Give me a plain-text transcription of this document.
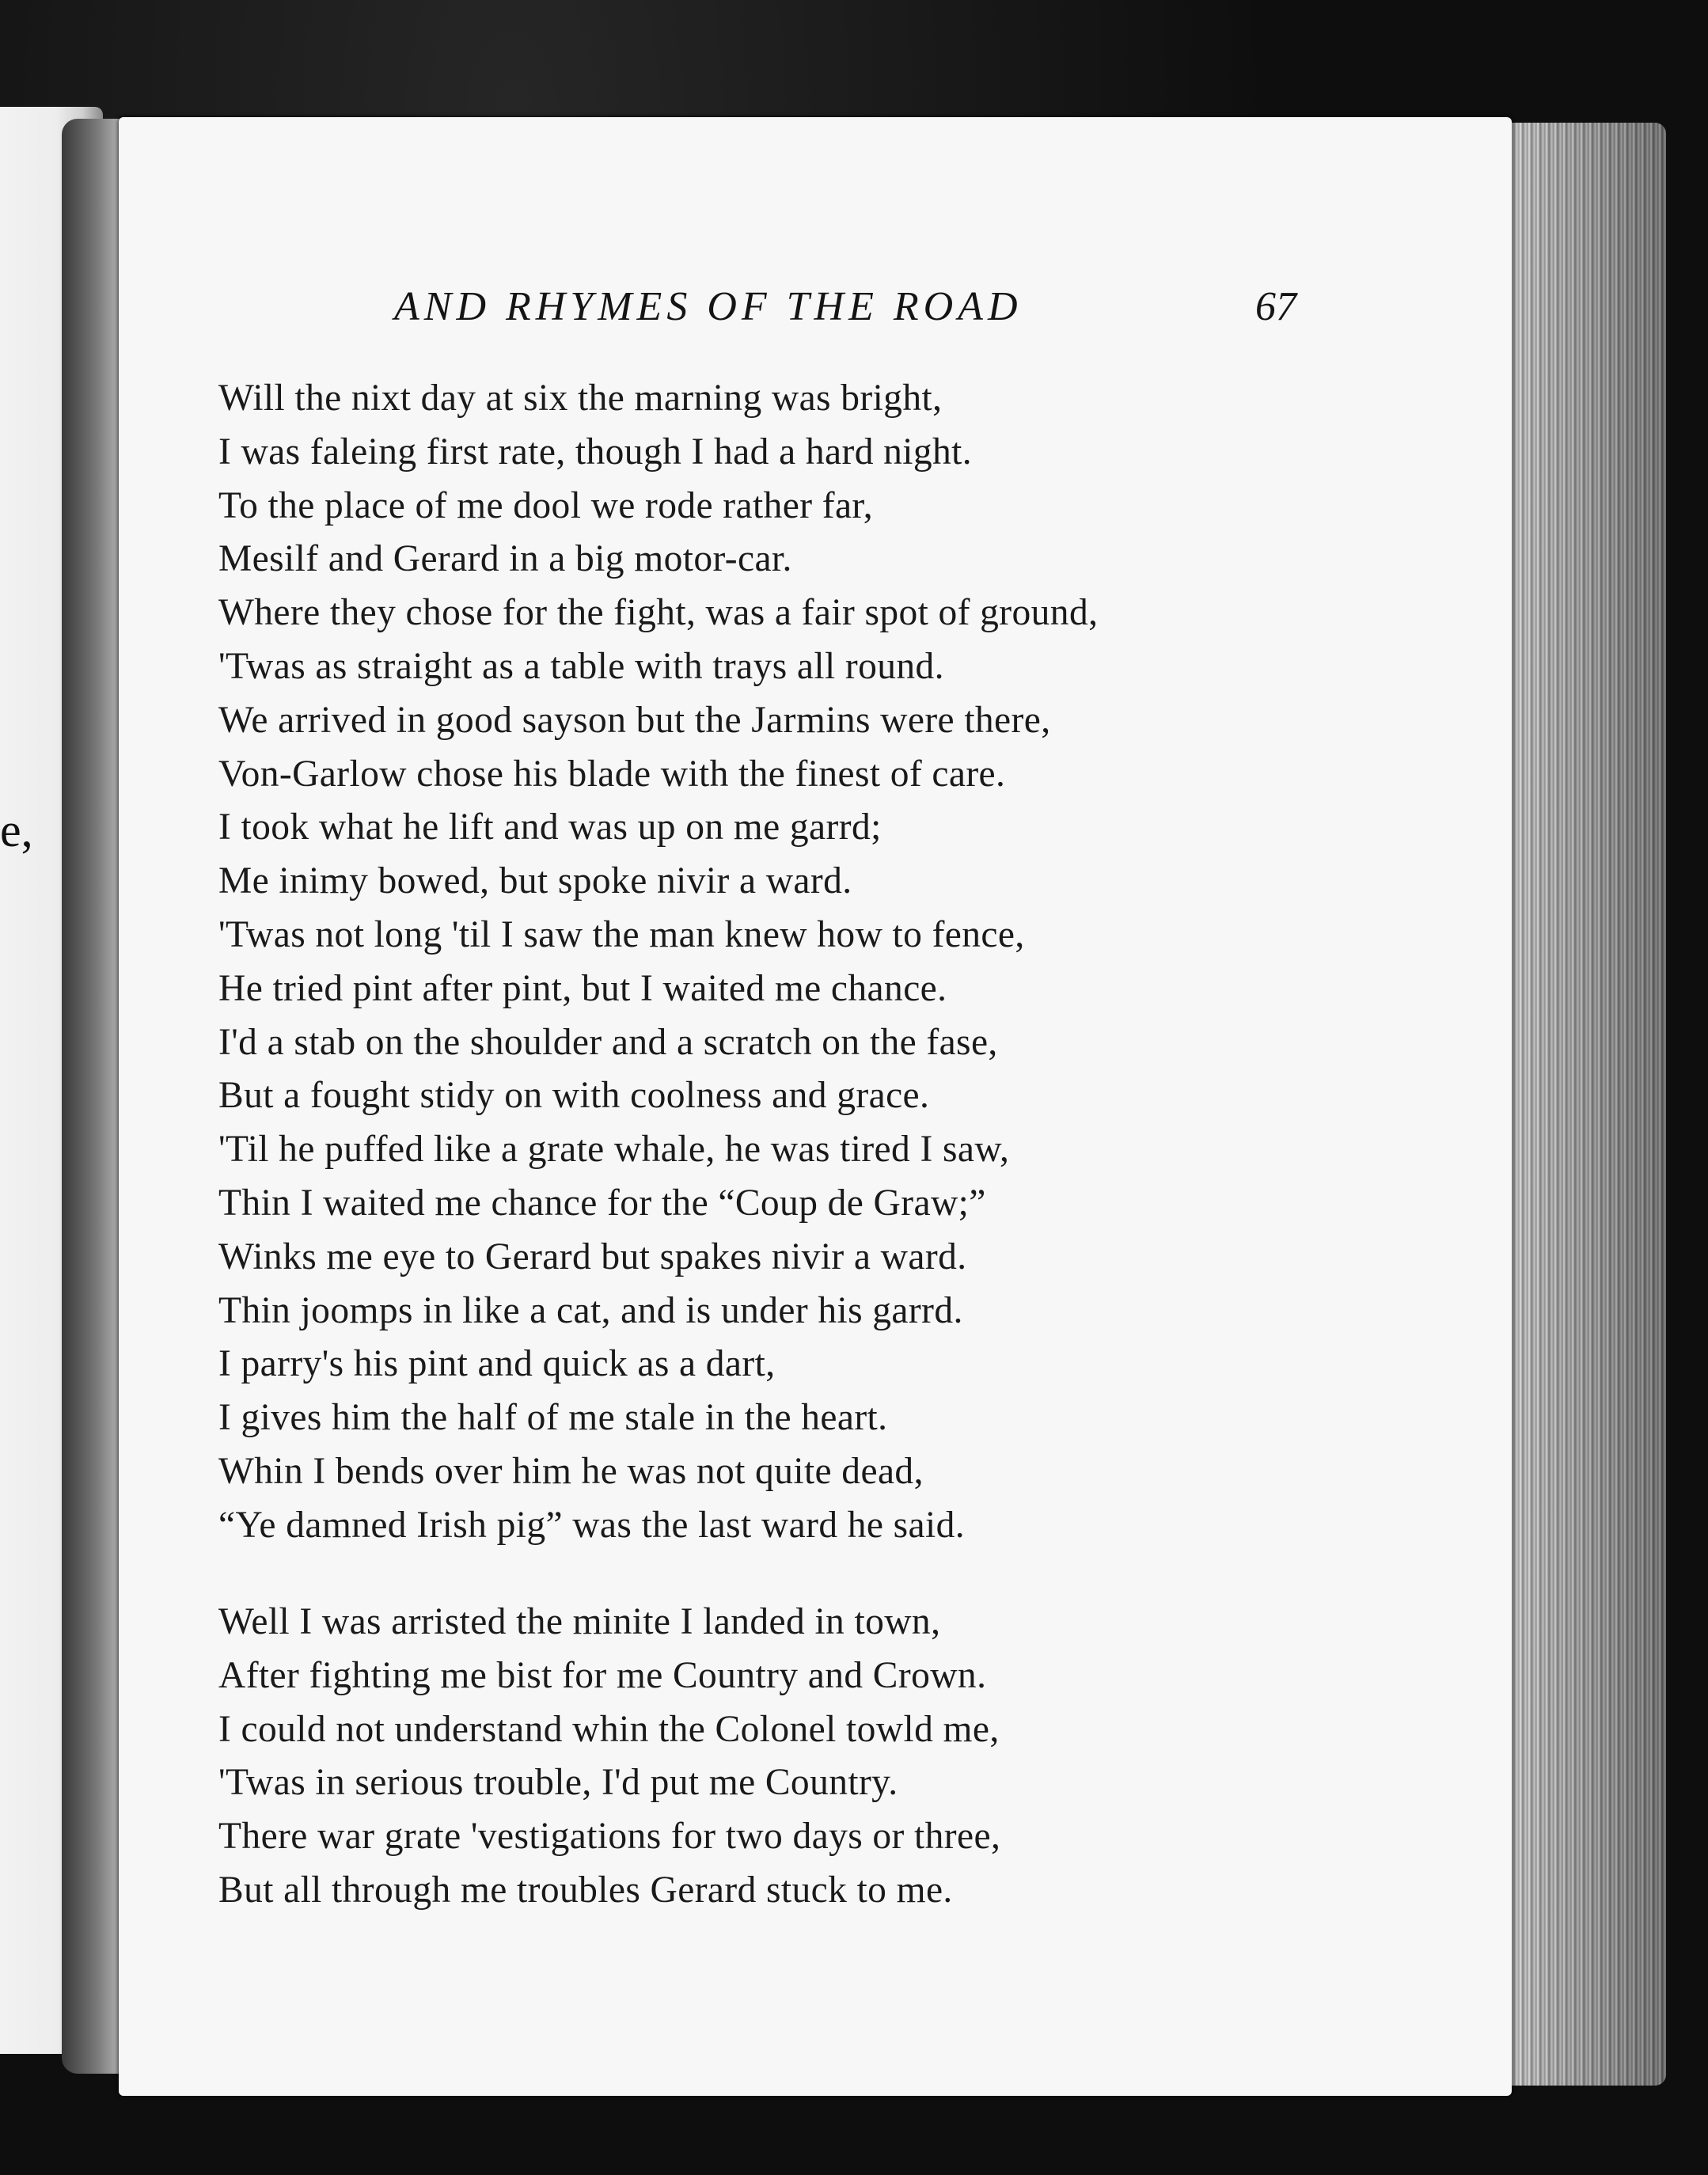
e,
AND RHYMES OF THE ROAD	67
Will the nixt day at six the marning was bright,
I was faleing first rate, though I had a hard night.
To the place of me dool we rode rather far,
Mesilf and Gerard in a big motor-car.
Where they chose for the fight, was a fair spot of ground,
'Twas as straight as a table with trays all round.
We arrived in good sayson but the Jarmins were there,
Von-Garlow chose his blade with the finest of care.
I took what he lift and was up on me garrd;
Me inimy bowed, but spoke nivir a ward.
'Twas not long 'til I saw the man knew how to fence,
He tried pint after pint, but I waited me chance.
I'd a stab on the shoulder and a scratch on the fase,
But a fought stidy on with coolness and grace.
'Til he puffed like a grate whale, he was tired I saw,
Thin I waited me chance for the “Coup de Graw;”
Winks me eye to Gerard but spakes nivir a ward.
Thin joomps in like a cat, and is under his garrd.
I parry's his pint and quick as a dart,
I gives him the half of me stale in the heart.
Whin I bends over him he was not quite dead,
“Ye damned Irish pig” was the last ward he said.
Well I was arristed the minite I landed in town,
After fighting me bist for me Country and Crown.
I could not understand whin the Colonel towld me,
'Twas in serious trouble, I'd put me Country.
There war grate 'vestigations for two days or three,
But all through me troubles Gerard stuck to me.
